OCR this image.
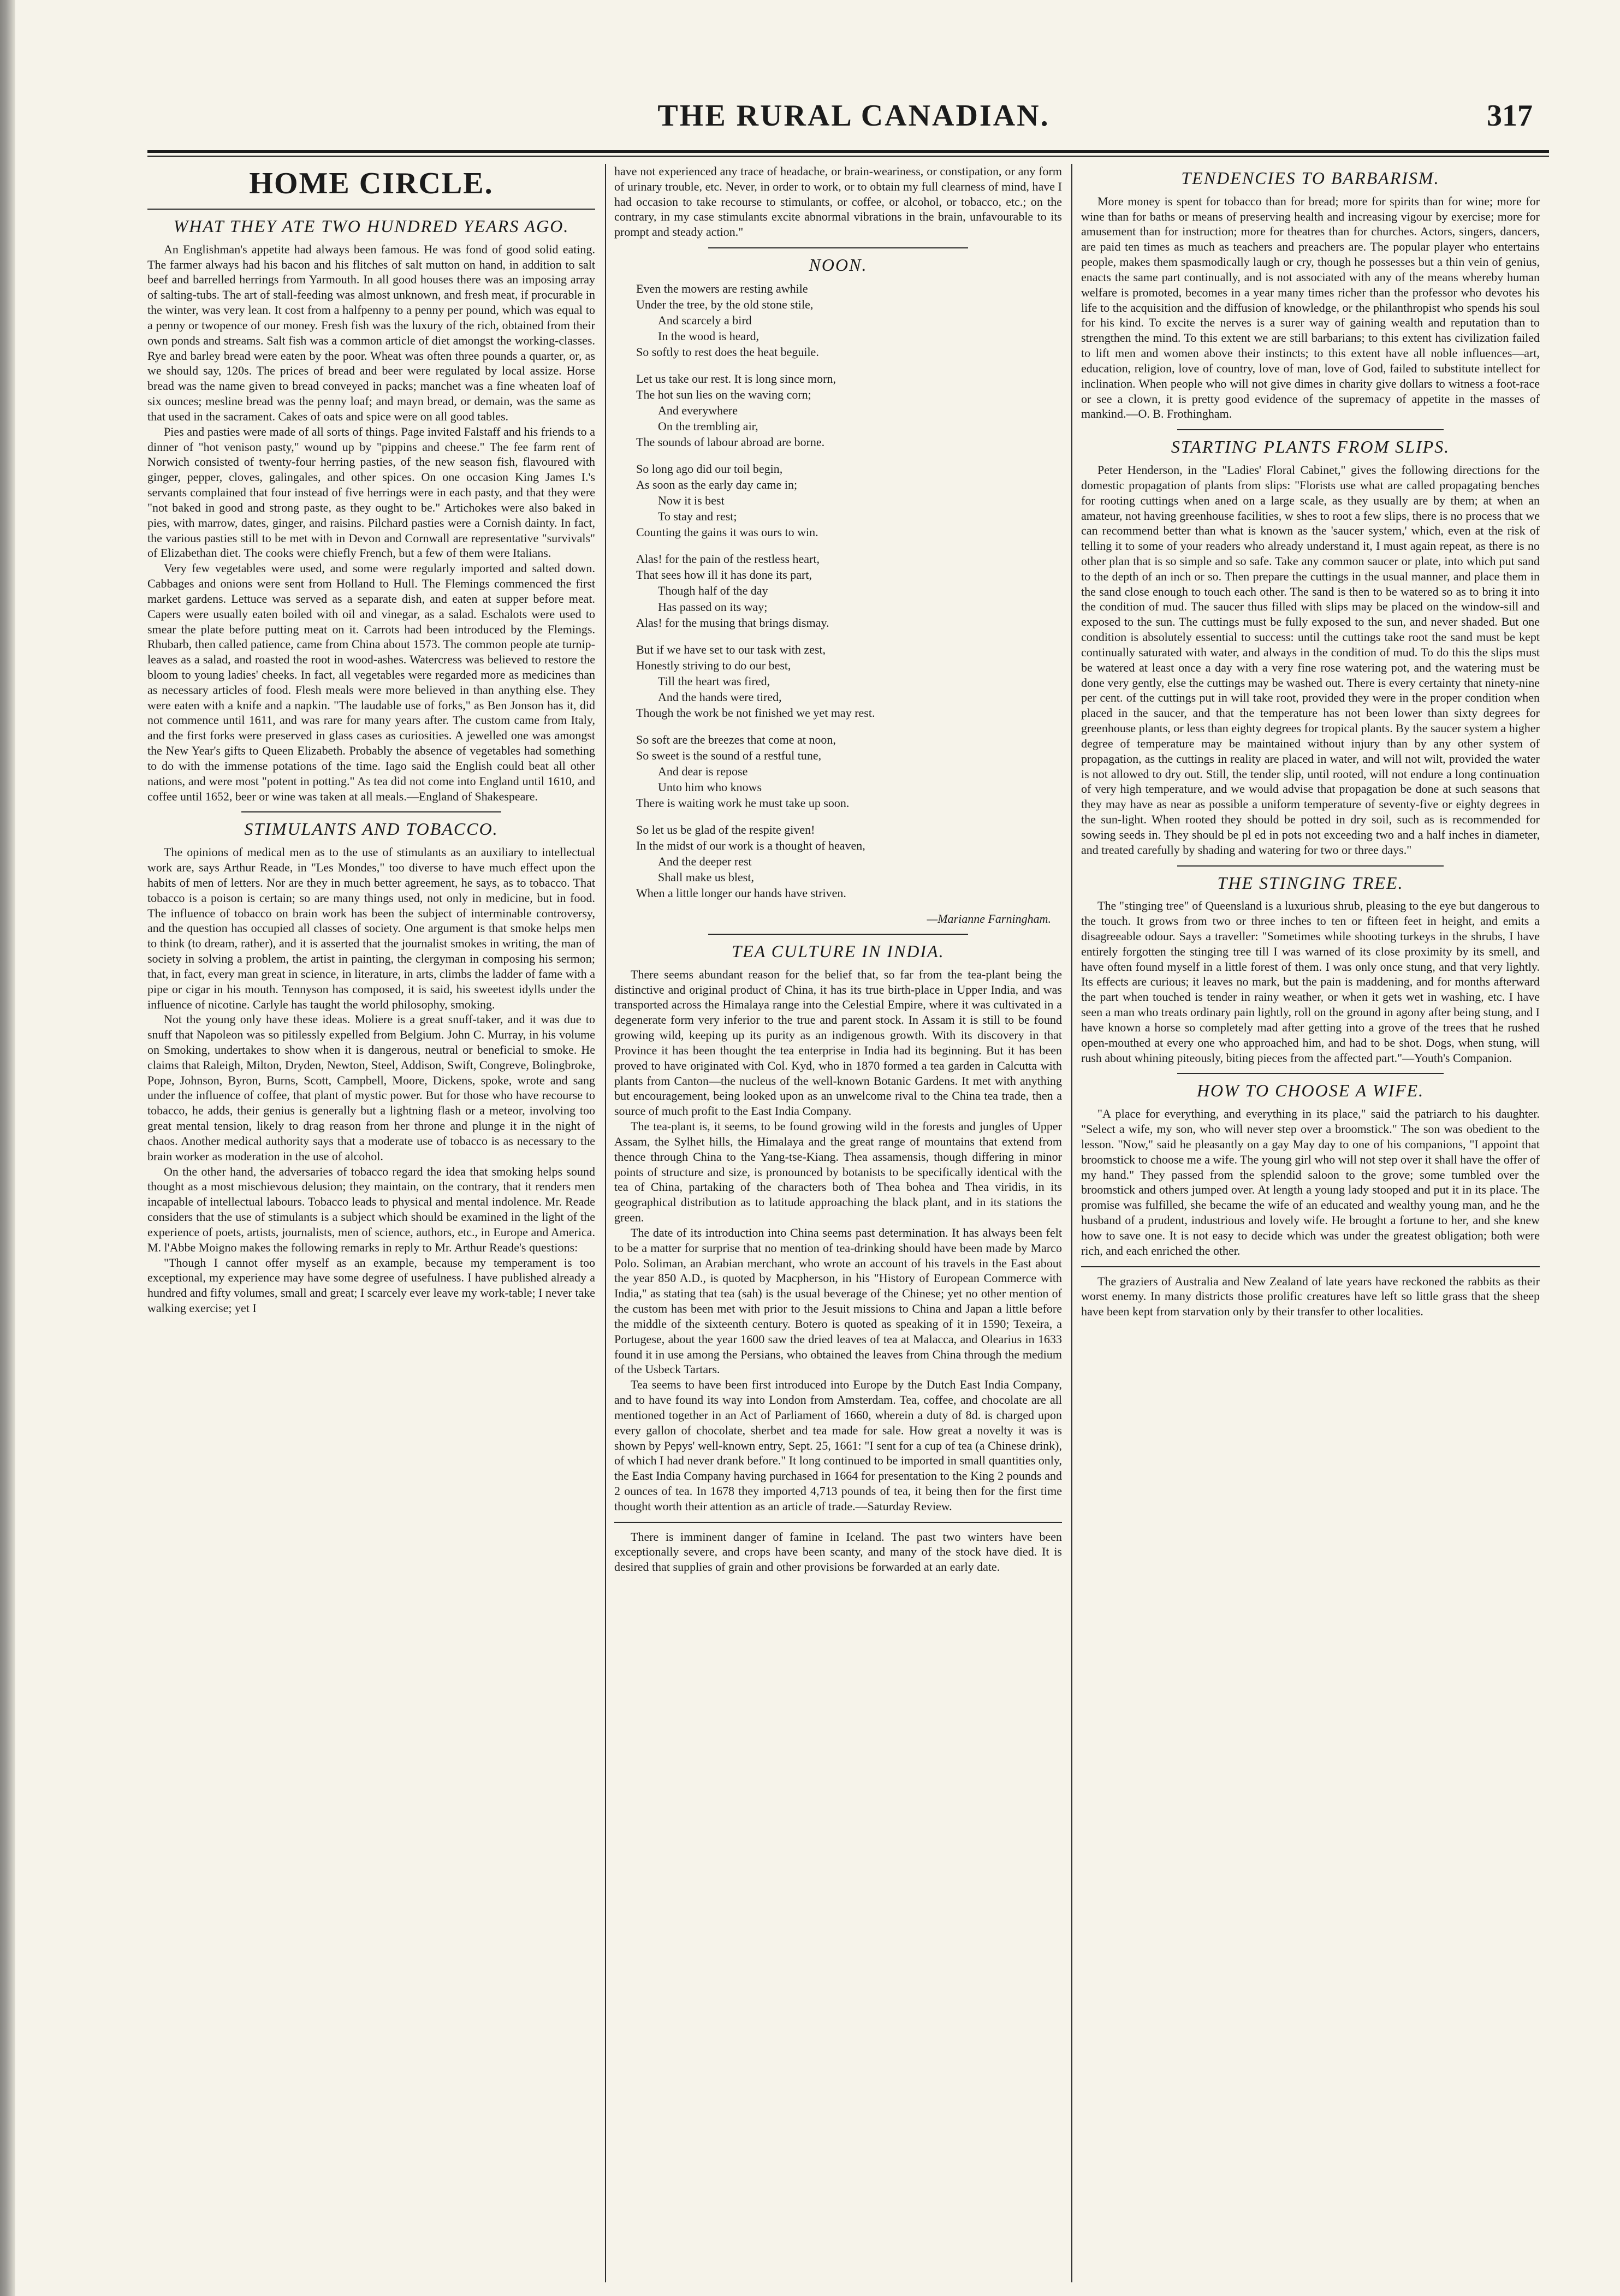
THE RURAL CANADIAN.	317
HOME CIRCLE.
WHAT THEY ATE TWO HUNDRED YEARS AGO.

An Englishman's appetite had always been famous. He was fond of good solid eating. The farmer always had his bacon and his flitches of salt mutton on hand, in addition to salt beef and barrelled herrings from Yarmouth. In all good houses there was an imposing array of salting-tubs. The art of stall-feeding was almost unknown, and fresh meat, if procurable in the winter, was very lean. It cost from a halfpenny to a penny per pound, which was equal to a penny or twopence of our money. Fresh fish was the luxury of the rich, obtained from their own ponds and streams. Salt fish was a common article of diet amongst the working-classes. Rye and barley bread were eaten by the poor. Wheat was often three pounds a quarter, or, as we should say, 120s. The prices of bread and beer were regulated by local assize. Horse bread was the name given to bread conveyed in packs; manchet was a fine wheaten loaf of six ounces; mesline bread was the penny loaf; and mayn bread, or demain, was the same as that used in the sacrament. Cakes of oats and spice were on all good tables.

Pies and pasties were made of all sorts of things. Page invited Falstaff and his friends to a dinner of "hot venison pasty," wound up by "pippins and cheese." The fee farm rent of Norwich consisted of twenty-four herring pasties, of the new season fish, flavoured with ginger, pepper, cloves, galingales, and other spices. On one occasion King James I.'s servants complained that four instead of five herrings were in each pasty, and that they were "not baked in good and strong paste, as they ought to be." Artichokes were also baked in pies, with marrow, dates, ginger, and raisins. Pilchard pasties were a Cornish dainty. In fact, the various pasties still to be met with in Devon and Cornwall are representative "survivals" of Elizabethan diet. The cooks were chiefly French, but a few of them were Italians.

Very few vegetables were used, and some were regularly imported and salted down. Cabbages and onions were sent from Holland to Hull. The Flemings commenced the first market gardens. Lettuce was served as a separate dish, and eaten at supper before meat. Capers were usually eaten boiled with oil and vinegar, as a salad. Eschalots were used to smear the plate before putting meat on it. Carrots had been introduced by the Flemings. Rhubarb, then called patience, came from China about 1573. The common people ate turnip-leaves as a salad, and roasted the root in wood-ashes. Watercress was believed to restore the bloom to young ladies' cheeks. In fact, all vegetables were regarded more as medicines than as necessary articles of food. Flesh meals were more believed in than anything else. They were eaten with a knife and a napkin. "The laudable use of forks," as Ben Jonson has it, did not commence until 1611, and was rare for many years after. The custom came from Italy, and the first forks were preserved in glass cases as curiosities. A jewelled one was amongst the New Year's gifts to Queen Elizabeth. Probably the absence of vegetables had something to do with the immense potations of the time. Iago said the English could beat all other nations, and were most "potent in potting." As tea did not come into England until 1610, and coffee until 1652, beer or wine was taken at all meals.—England of Shakespeare.

STIMULANTS AND TOBACCO.

The opinions of medical men as to the use of stimulants as an auxiliary to intellectual work are, says Arthur Reade, in "Les Mondes," too diverse to have much effect upon the habits of men of letters. Nor are they in much better agreement, he says, as to tobacco. That tobacco is a poison is certain; so are many things used, not only in medicine, but in food. The influence of tobacco on brain work has been the subject of interminable controversy, and the question has occupied all classes of society. One argument is that smoke helps men to think (to dream, rather), and it is asserted that the journalist smokes in writing, the man of society in solving a problem, the artist in painting, the clergyman in composing his sermon; that, in fact, every man great in science, in literature, in arts, climbs the ladder of fame with a pipe or cigar in his mouth. Tennyson has composed, it is said, his sweetest idylls under the influence of nicotine. Carlyle has taught the world philosophy, smoking.

Not the young only have these ideas. Moliere is a great snuff-taker, and it was due to snuff that Napoleon was so pitilessly expelled from Belgium. John C. Murray, in his volume on Smoking, undertakes to show when it is dangerous, neutral or beneficial to smoke. He claims that Raleigh, Milton, Dryden, Newton, Steel, Addison, Swift, Congreve, Bolingbroke, Pope, Johnson, Byron, Burns, Scott, Campbell, Moore, Dickens, spoke, wrote and sang under the influence of coffee, that plant of mystic power. But for those who have recourse to tobacco, he adds, their genius is generally but a lightning flash or a meteor, involving too great mental tension, likely to drag reason from her throne and plunge it in the night of chaos. Another medical authority says that a moderate use of tobacco is as necessary to the brain worker as moderation in the use of alcohol.

On the other hand, the adversaries of tobacco regard the idea that smoking helps sound thought as a most mischievous delusion; they maintain, on the contrary, that it renders men incapable of intellectual labours. Tobacco leads to physical and mental indolence. Mr. Reade considers that the use of stimulants is a subject which should be examined in the light of the experience of poets, artists, journalists, men of science, authors, etc., in Europe and America. M. l'Abbe Moigno makes the following remarks in reply to Mr. Arthur Reade's questions:

"Though I cannot offer myself as an example, because my temperament is too exceptional, my experience may have some degree of usefulness. I have published already a hundred and fifty volumes, small and great; I scarcely ever leave my work-table; I never take walking exercise; yet I

have not experienced any trace of headache, or brain-weariness, or constipation, or any form of urinary trouble, etc. Never, in order to work, or to obtain my full clearness of mind, have I had occasion to take recourse to stimulants, or coffee, or alcohol, or tobacco, etc.; on the contrary, in my case stimulants excite abnormal vibrations in the brain, unfavourable to its prompt and steady action."

NOON.
Even the mowers are resting awhile
Under the tree, by the old stone stile,
And scarcely a bird
In the wood is heard,
So softly to rest does the heat beguile.
Let us take our rest. It is long since morn,
The hot sun lies on the waving corn;
And everywhere
On the trembling air,
The sounds of labour abroad are borne.
So long ago did our toil begin,
As soon as the early day came in;
Now it is best
To stay and rest;
Counting the gains it was ours to win.
Alas! for the pain of the restless heart,
That sees how ill it has done its part,
Though half of the day
Has passed on its way;
Alas! for the musing that brings dismay.
But if we have set to our task with zest,
Honestly striving to do our best,
Till the heart was fired,
And the hands were tired,
Though the work be not finished we yet may rest.
So soft are the breezes that come at noon,
So sweet is the sound of a restful tune,
And dear is repose
Unto him who knows
There is waiting work he must take up soon.
So let us be glad of the respite given!
In the midst of our work is a thought of heaven,
And the deeper rest
Shall make us blest,
When a little longer our hands have striven.
—Marianne Farningham.
TEA CULTURE IN INDIA.

There seems abundant reason for the belief that, so far from the tea-plant being the distinctive and original product of China, it has its true birth-place in Upper India, and was transported across the Himalaya range into the Celestial Empire, where it was cultivated in a degenerate form very inferior to the true and parent stock. In Assam it is still to be found growing wild, keeping up its purity as an indigenous growth. With its discovery in that Province it has been thought the tea enterprise in India had its beginning. But it has been proved to have originated with Col. Kyd, who in 1870 formed a tea garden in Calcutta with plants from Canton—the nucleus of the well-known Botanic Gardens. It met with anything but encouragement, being looked upon as an unwelcome rival to the China tea trade, then a source of much profit to the East India Company.

The tea-plant is, it seems, to be found growing wild in the forests and jungles of Upper Assam, the Sylhet hills, the Himalaya and the great range of mountains that extend from thence through China to the Yang-tse-Kiang. Thea assamensis, though differing in minor points of structure and size, is pronounced by botanists to be specifically identical with the tea of China, partaking of the characters both of Thea bohea and Thea viridis, in its geographical distribution as to latitude approaching the black plant, and in its stations the green.

The date of its introduction into China seems past determination. It has always been felt to be a matter for surprise that no mention of tea-drinking should have been made by Marco Polo. Soliman, an Arabian merchant, who wrote an account of his travels in the East about the year 850 A.D., is quoted by Macpherson, in his "History of European Commerce with India," as stating that tea (sah) is the usual beverage of the Chinese; yet no other mention of the custom has been met with prior to the Jesuit missions to China and Japan a little before the middle of the sixteenth century. Botero is quoted as speaking of it in 1590; Texeira, a Portugese, about the year 1600 saw the dried leaves of tea at Malacca, and Olearius in 1633 found it in use among the Persians, who obtained the leaves from China through the medium of the Usbeck Tartars.

Tea seems to have been first introduced into Europe by the Dutch East India Company, and to have found its way into London from Amsterdam. Tea, coffee, and chocolate are all mentioned together in an Act of Parliament of 1660, wherein a duty of 8d. is charged upon every gallon of chocolate, sherbet and tea made for sale. How great a novelty it was is shown by Pepys' well-known entry, Sept. 25, 1661: "I sent for a cup of tea (a Chinese drink), of which I had never drank before." It long continued to be imported in small quantities only, the East India Company having purchased in 1664 for presentation to the King 2 pounds and 2 ounces of tea. In 1678 they imported 4,713 pounds of tea, it being then for the first time thought worth their attention as an article of trade.—Saturday Review.

There is imminent danger of famine in Iceland. The past two winters have been exceptionally severe, and crops have been scanty, and many of the stock have died. It is desired that supplies of grain and other provisions be forwarded at an early date.

TENDENCIES TO BARBARISM.

More money is spent for tobacco than for bread; more for spirits than for wine; more for wine than for baths or means of preserving health and increasing vigour by exercise; more for amusement than for instruction; more for theatres than for churches. Actors, singers, dancers, are paid ten times as much as teachers and preachers are. The popular player who entertains people, makes them spasmodically laugh or cry, though he possesses but a thin vein of genius, enacts the same part continually, and is not associated with any of the means whereby human welfare is promoted, becomes in a year many times richer than the professor who devotes his life to the acquisition and the diffusion of knowledge, or the philanthropist who spends his soul for his kind. To excite the nerves is a surer way of gaining wealth and reputation than to strengthen the mind. To this extent we are still barbarians; to this extent has civilization failed to lift men and women above their instincts; to this extent have all noble influences—art, education, religion, love of country, love of man, love of God, failed to substitute intellect for inclination. When people who will not give dimes in charity give dollars to witness a foot-race or see a clown, it is pretty good evidence of the supremacy of appetite in the masses of mankind.—O. B. Frothingham.

STARTING PLANTS FROM SLIPS.

Peter Henderson, in the "Ladies' Floral Cabinet," gives the following directions for the domestic propagation of plants from slips: "Florists use what are called propagating benches for rooting cuttings when aned on a large scale, as they usually are by them; at when an amateur, not having greenhouse facilities, w shes to root a few slips, there is no process that we can recommend better than what is known as the 'saucer system,' which, even at the risk of telling it to some of your readers who already understand it, I must again repeat, as there is no other plan that is so simple and so safe. Take any common saucer or plate, into which put sand to the depth of an inch or so. Then prepare the cuttings in the usual manner, and place them in the sand close enough to touch each other. The sand is then to be watered so as to bring it into the condition of mud. The saucer thus filled with slips may be placed on the window-sill and exposed to the sun. The cuttings must be fully exposed to the sun, and never shaded. But one condition is absolutely essential to success: until the cuttings take root the sand must be kept continually saturated with water, and always in the condition of mud. To do this the slips must be watered at least once a day with a very fine rose watering pot, and the watering must be done very gently, else the cuttings may be washed out. There is every certainty that ninety-nine per cent. of the cuttings put in will take root, provided they were in the proper condition when placed in the saucer, and that the temperature has not been lower than sixty degrees for greenhouse plants, or less than eighty degrees for tropical plants. By the saucer system a higher degree of temperature may be maintained without injury than by any other system of propagation, as the cuttings in reality are placed in water, and will not wilt, provided the water is not allowed to dry out. Still, the tender slip, until rooted, will not endure a long continuation of very high temperature, and we would advise that propagation be done at such seasons that they may have as near as possible a uniform temperature of seventy-five or eighty degrees in the sun-light. When rooted they should be potted in dry soil, such as is recommended for sowing seeds in. They should be pl ed in pots not exceeding two and a half inches in diameter, and treated carefully by shading and watering for two or three days."

THE STINGING TREE.

The "stinging tree" of Queensland is a luxurious shrub, pleasing to the eye but dangerous to the touch. It grows from two or three inches to ten or fifteen feet in height, and emits a disagreeable odour. Says a traveller: "Sometimes while shooting turkeys in the shrubs, I have entirely forgotten the stinging tree till I was warned of its close proximity by its smell, and have often found myself in a little forest of them. I was only once stung, and that very lightly. Its effects are curious; it leaves no mark, but the pain is maddening, and for months afterward the part when touched is tender in rainy weather, or when it gets wet in washing, etc. I have seen a man who treats ordinary pain lightly, roll on the ground in agony after being stung, and I have known a horse so completely mad after getting into a grove of the trees that he rushed open-mouthed at every one who approached him, and had to be shot. Dogs, when stung, will rush about whining piteously, biting pieces from the affected part."—Youth's Companion.

HOW TO CHOOSE A WIFE.

"A place for everything, and everything in its place," said the patriarch to his daughter. "Select a wife, my son, who will never step over a broomstick." The son was obedient to the lesson. "Now," said he pleasantly on a gay May day to one of his companions, "I appoint that broomstick to choose me a wife. The young girl who will not step over it shall have the offer of my hand." They passed from the splendid saloon to the grove; some tumbled over the broomstick and others jumped over. At length a young lady stooped and put it in its place. The promise was fulfilled, she became the wife of an educated and wealthy young man, and he the husband of a prudent, industrious and lovely wife. He brought a fortune to her, and she knew how to save one. It is not easy to decide which was under the greatest obligation; both were rich, and each enriched the other.

The graziers of Australia and New Zealand of late years have reckoned the rabbits as their worst enemy. In many districts those prolific creatures have left so little grass that the sheep have been kept from starvation only by their transfer to other localities.
